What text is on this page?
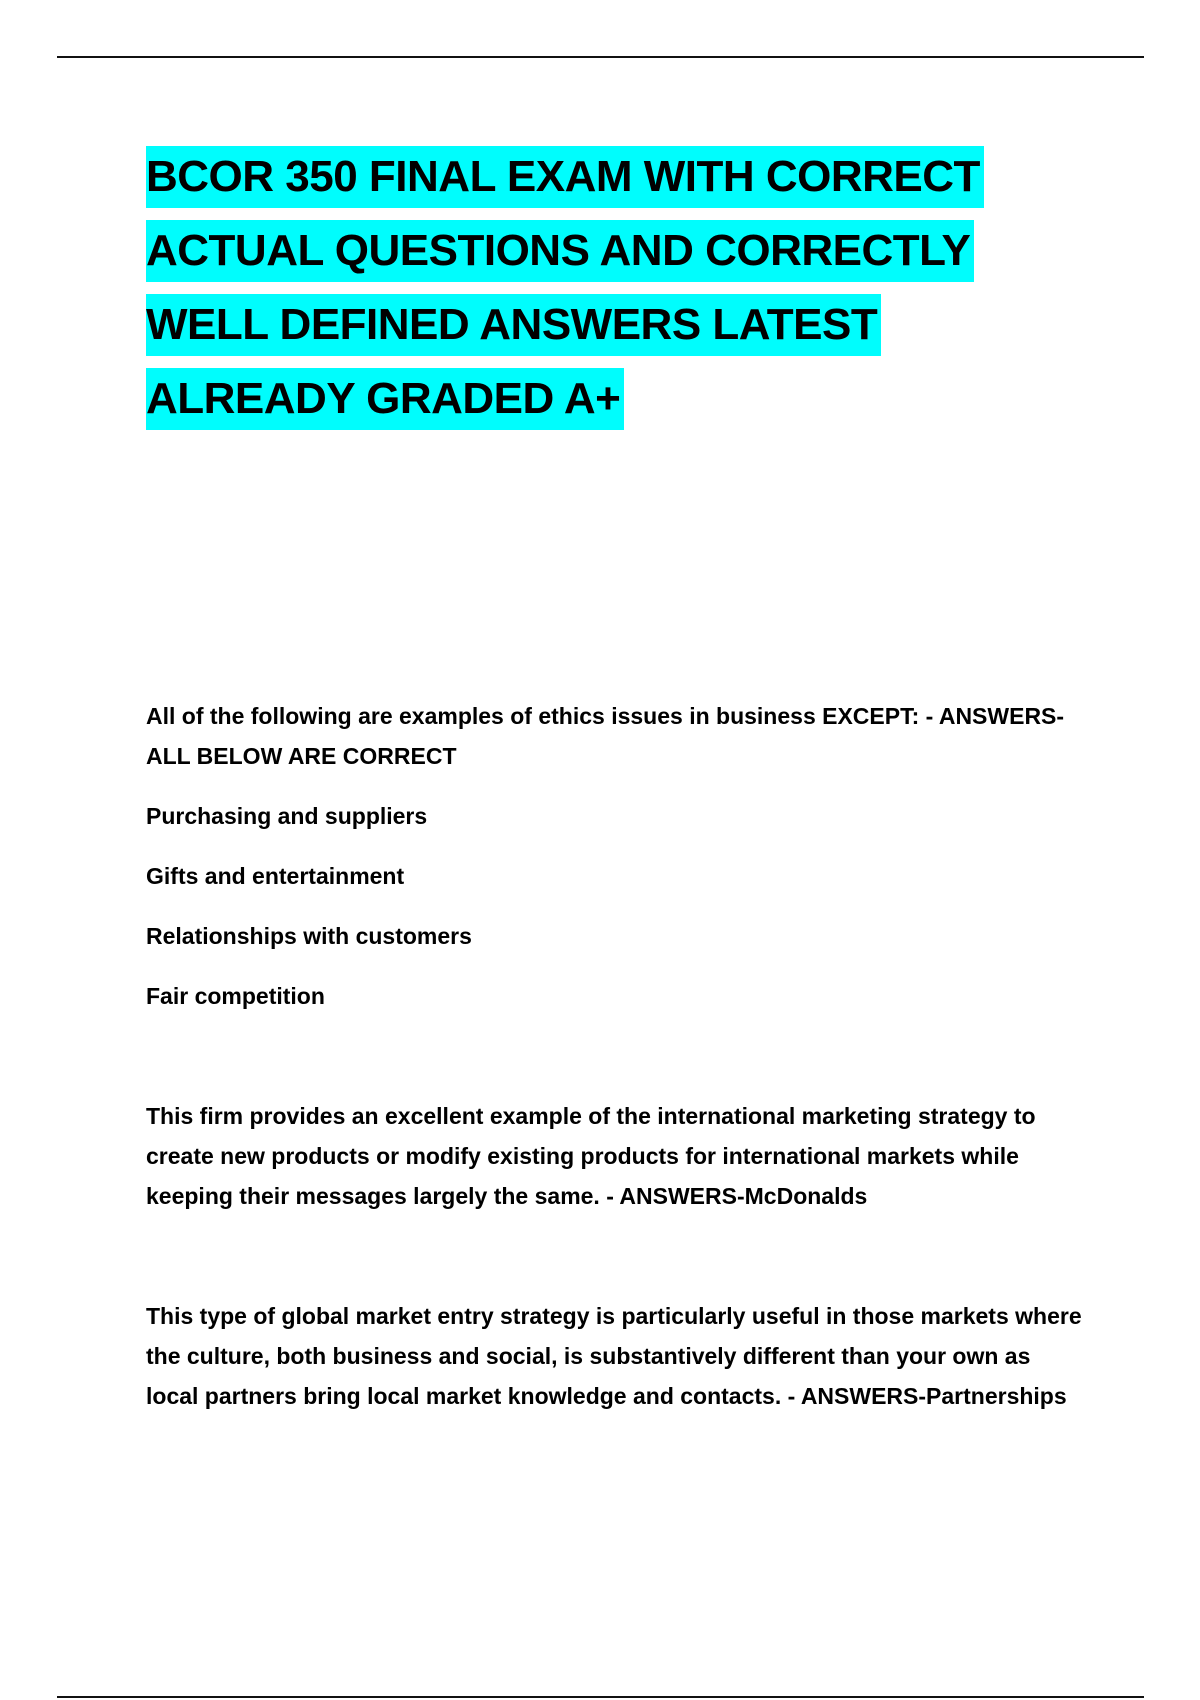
BCOR 350 FINAL EXAM WITH CORRECT
ACTUAL QUESTIONS AND CORRECTLY
WELL DEFINED ANSWERS LATEST
ALREADY GRADED A+

All of the following are examples of ethics issues in business EXCEPT: - ANSWERS-ALL BELOW ARE CORRECT

Purchasing and suppliers
Gifts and entertainment
Relationships with customers
Fair competition

This firm provides an excellent example of the international marketing strategy to create new products or modify existing products for international markets while keeping their messages largely the same. - ANSWERS-McDonalds

This type of global market entry strategy is particularly useful in those markets where the culture, both business and social, is substantively different than your own as local partners bring local market knowledge and contacts. - ANSWERS-Partnerships
